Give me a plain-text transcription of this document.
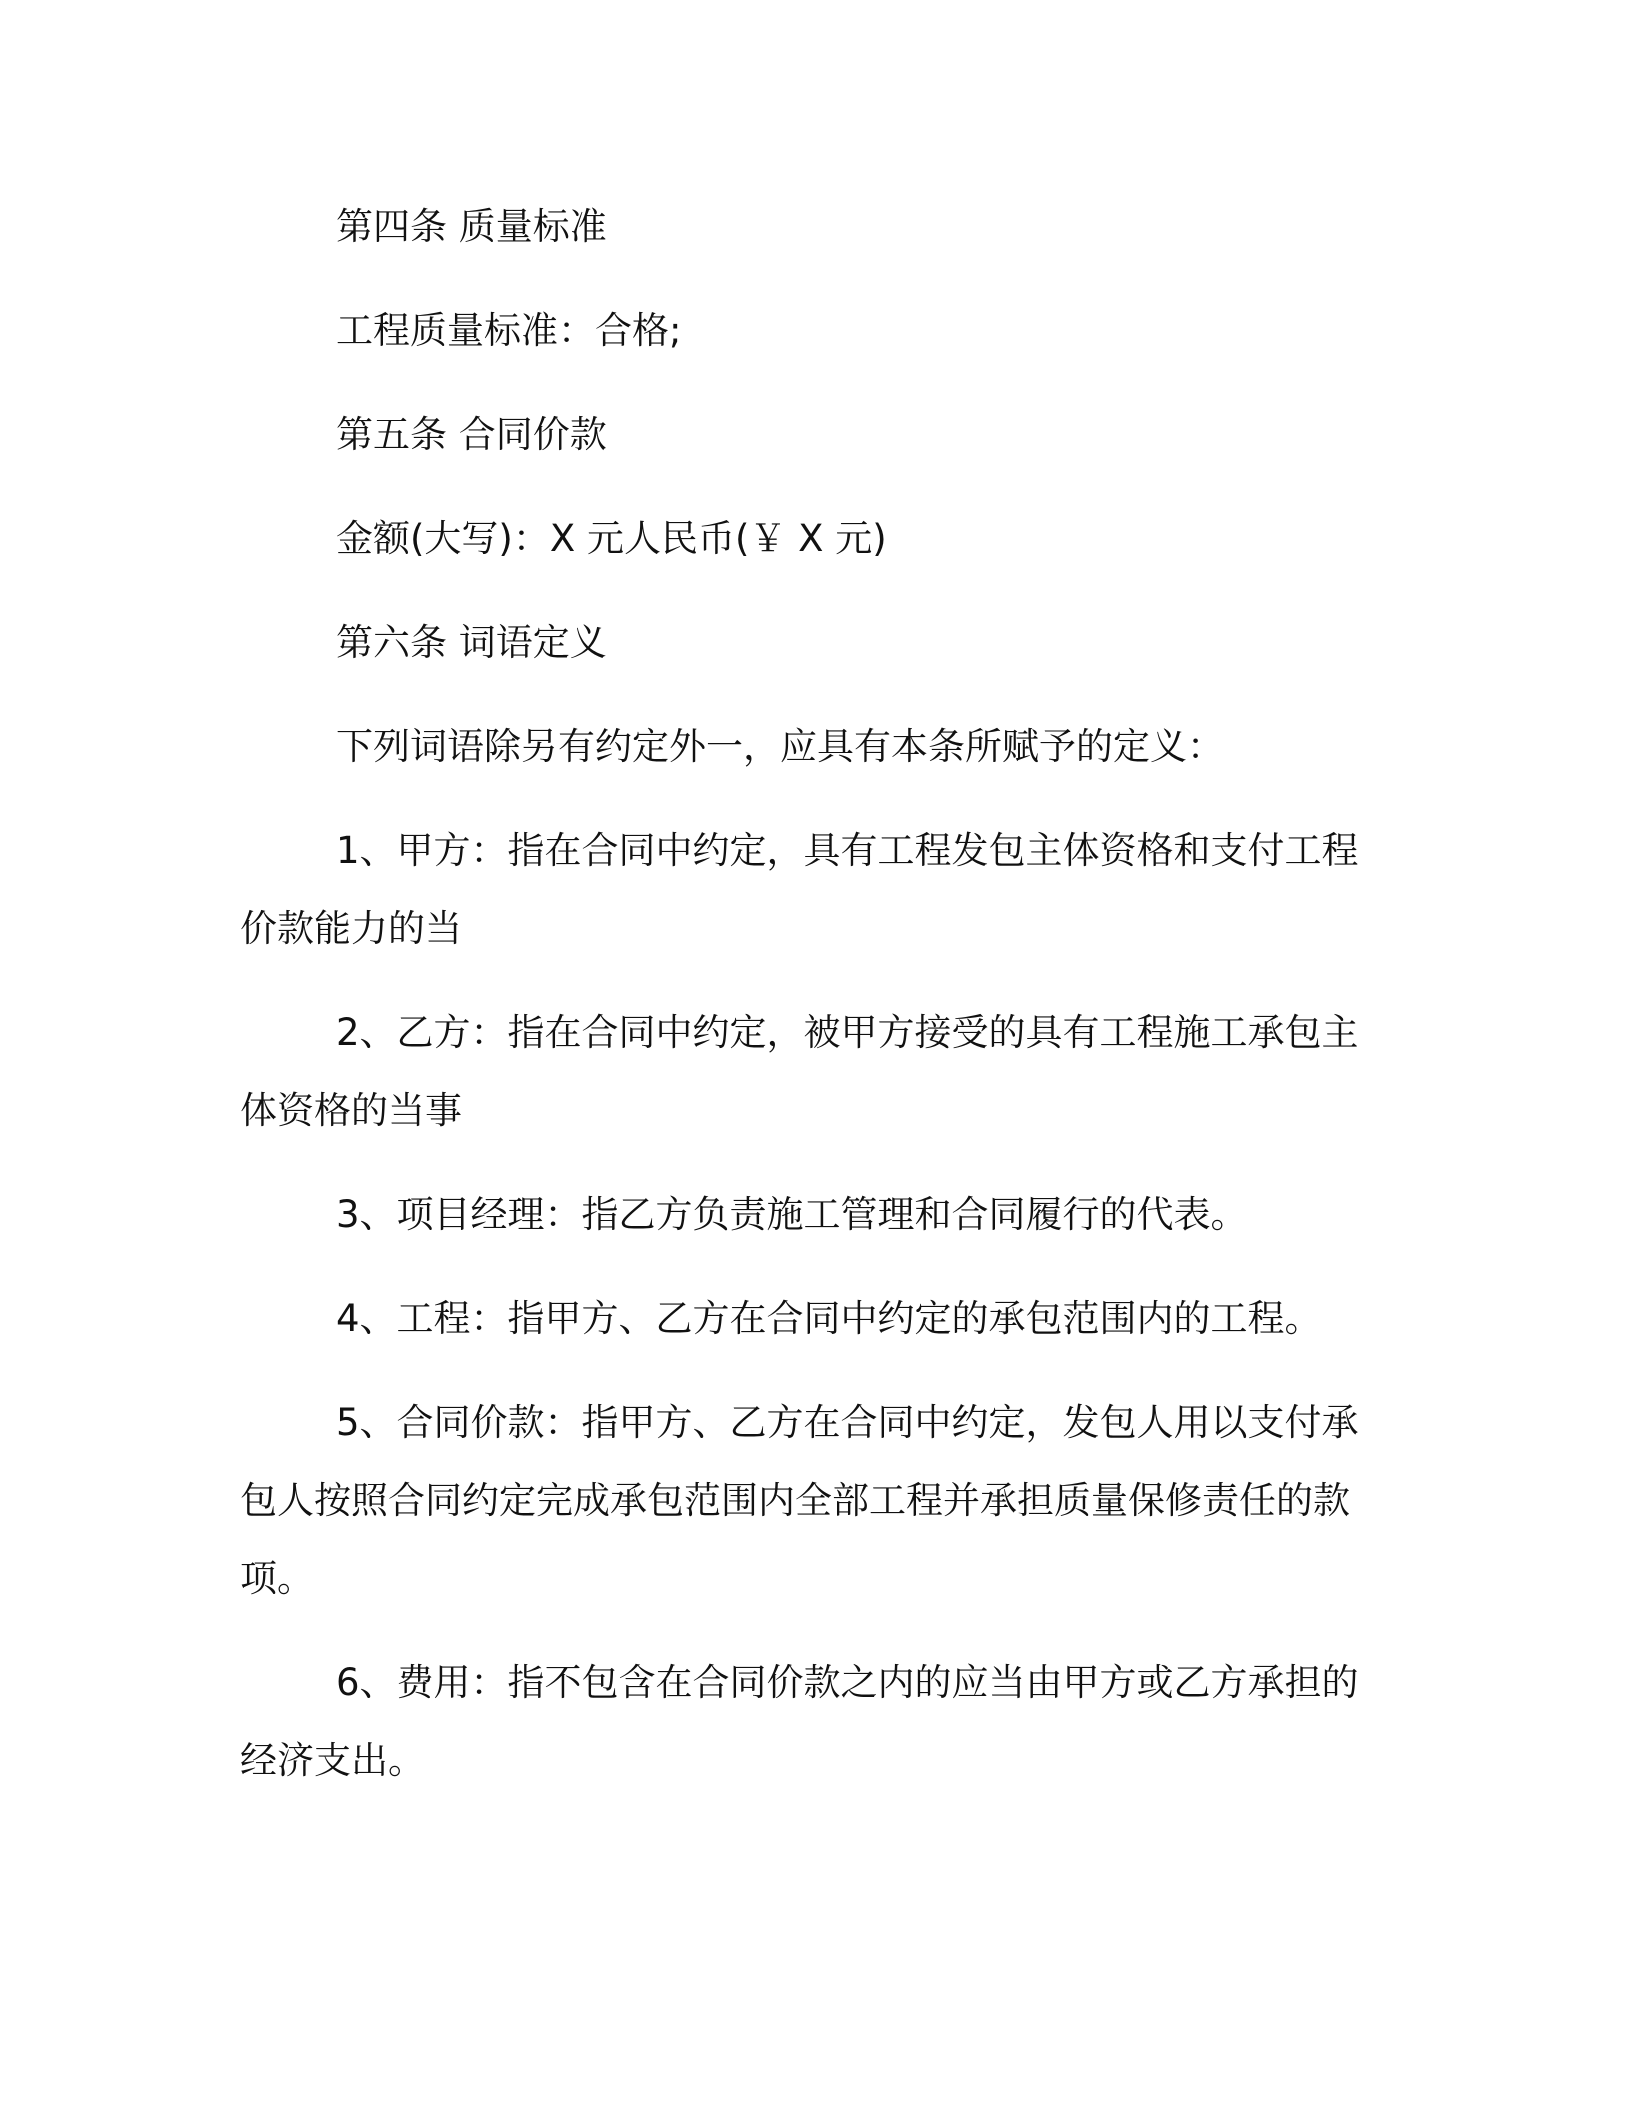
第四条 质量标准

工程质量标准：合格;

第五条 合同价款

金额(大写)：X 元人民币(￥ X 元)

第六条 词语定义

下列词语除另有约定外一，应具有本条所赋予的定义：

1、甲方：指在合同中约定，具有工程发包主体资格和支付工程价款能力的当

2、乙方：指在合同中约定，被甲方接受的具有工程施工承包主体资格的当事

3、项目经理：指乙方负责施工管理和合同履行的代表。

4、工程：指甲方、乙方在合同中约定的承包范围内的工程。

5、合同价款：指甲方、乙方在合同中约定，发包人用以支付承包人按照合同约定完成承包范围内全部工程并承担质量保修责任的款项。

6、费用：指不包含在合同价款之内的应当由甲方或乙方承担的经济支出。
